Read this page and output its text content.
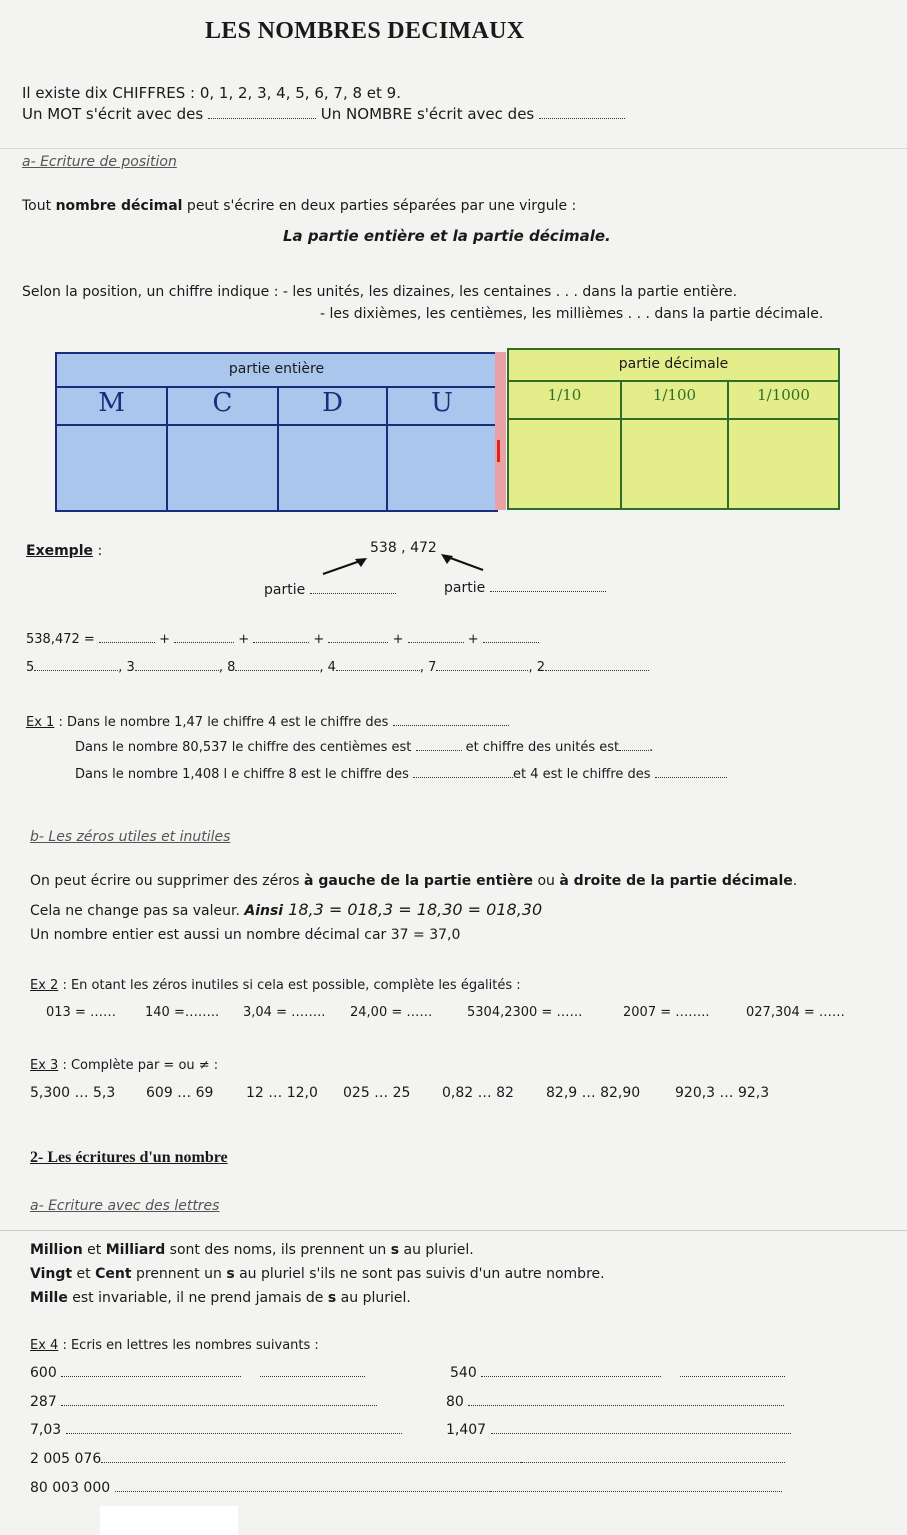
LES NOMBRES DECIMAUX
Il existe dix CHIFFRES : 0, 1, 2, 3, 4, 5, 6, 7, 8 et 9.
Un MOT s'écrit avec des	Un NOMBRE s'écrit avec des
a- Ecriture de position
Tout nombre décimal peut s'écrire en deux parties séparées par une virgule :
La partie entière et la partie décimale.
Selon la position, un chiffre indique : - les unités, les dizaines, les centaines . . . dans la partie entière.
- les dixièmes, les centièmes, les millièmes . . . dans la partie décimale.
partie entière
M	C	D	U
partie décimale
1/10	1/100	1/1000
Exemple :	538 , 472
partie	partie
538,472 =	+	+	+	+	+
5	, 3	, 8	, 4	, 7	, 2
Ex 1 : Dans le nombre 1,47 le chiffre 4 est le chiffre des
Dans le nombre 80,537 le chiffre des centièmes est	et chiffre des unités est .
Dans le nombre 1,408 l e chiffre 8 est le chiffre des	et 4 est le chiffre des
b- Les zéros utiles et inutiles
On peut écrire ou supprimer des zéros à gauche de la partie entière ou à droite de la partie décimale.
Cela ne change pas sa valeur. Ainsi 18,3 = 018,3 = 18,30 = 018,30
Un nombre entier est aussi un nombre décimal car 37 = 37,0
Ex 2 : En otant les zéros inutiles si cela est possible, complète les égalités :
013 = …… 140 =…….. 3,04 = …….. 24,00 = ……	5304,2300 = ……	2007 = ……..	027,304 = ……
Ex 3 : Complète par = ou ≠ :
5,300 … 5,3 609 … 69 12 … 12,0 025 … 25 0,82 … 82 82,9 … 82,90 920,3 … 92,3
2- Les écritures d'un nombre
a- Ecriture avec des lettres
Million et Milliard sont des noms, ils prennent un s au pluriel.
Vingt et Cent prennent un s au pluriel s'ils ne sont pas suivis d'un autre nombre.
Mille est invariable, il ne prend jamais de s au pluriel.
Ex 4 : Ecris en lettres les nombres suivants :
600	540
287	80
7,03	1,407
2 005 076
80 003 000
